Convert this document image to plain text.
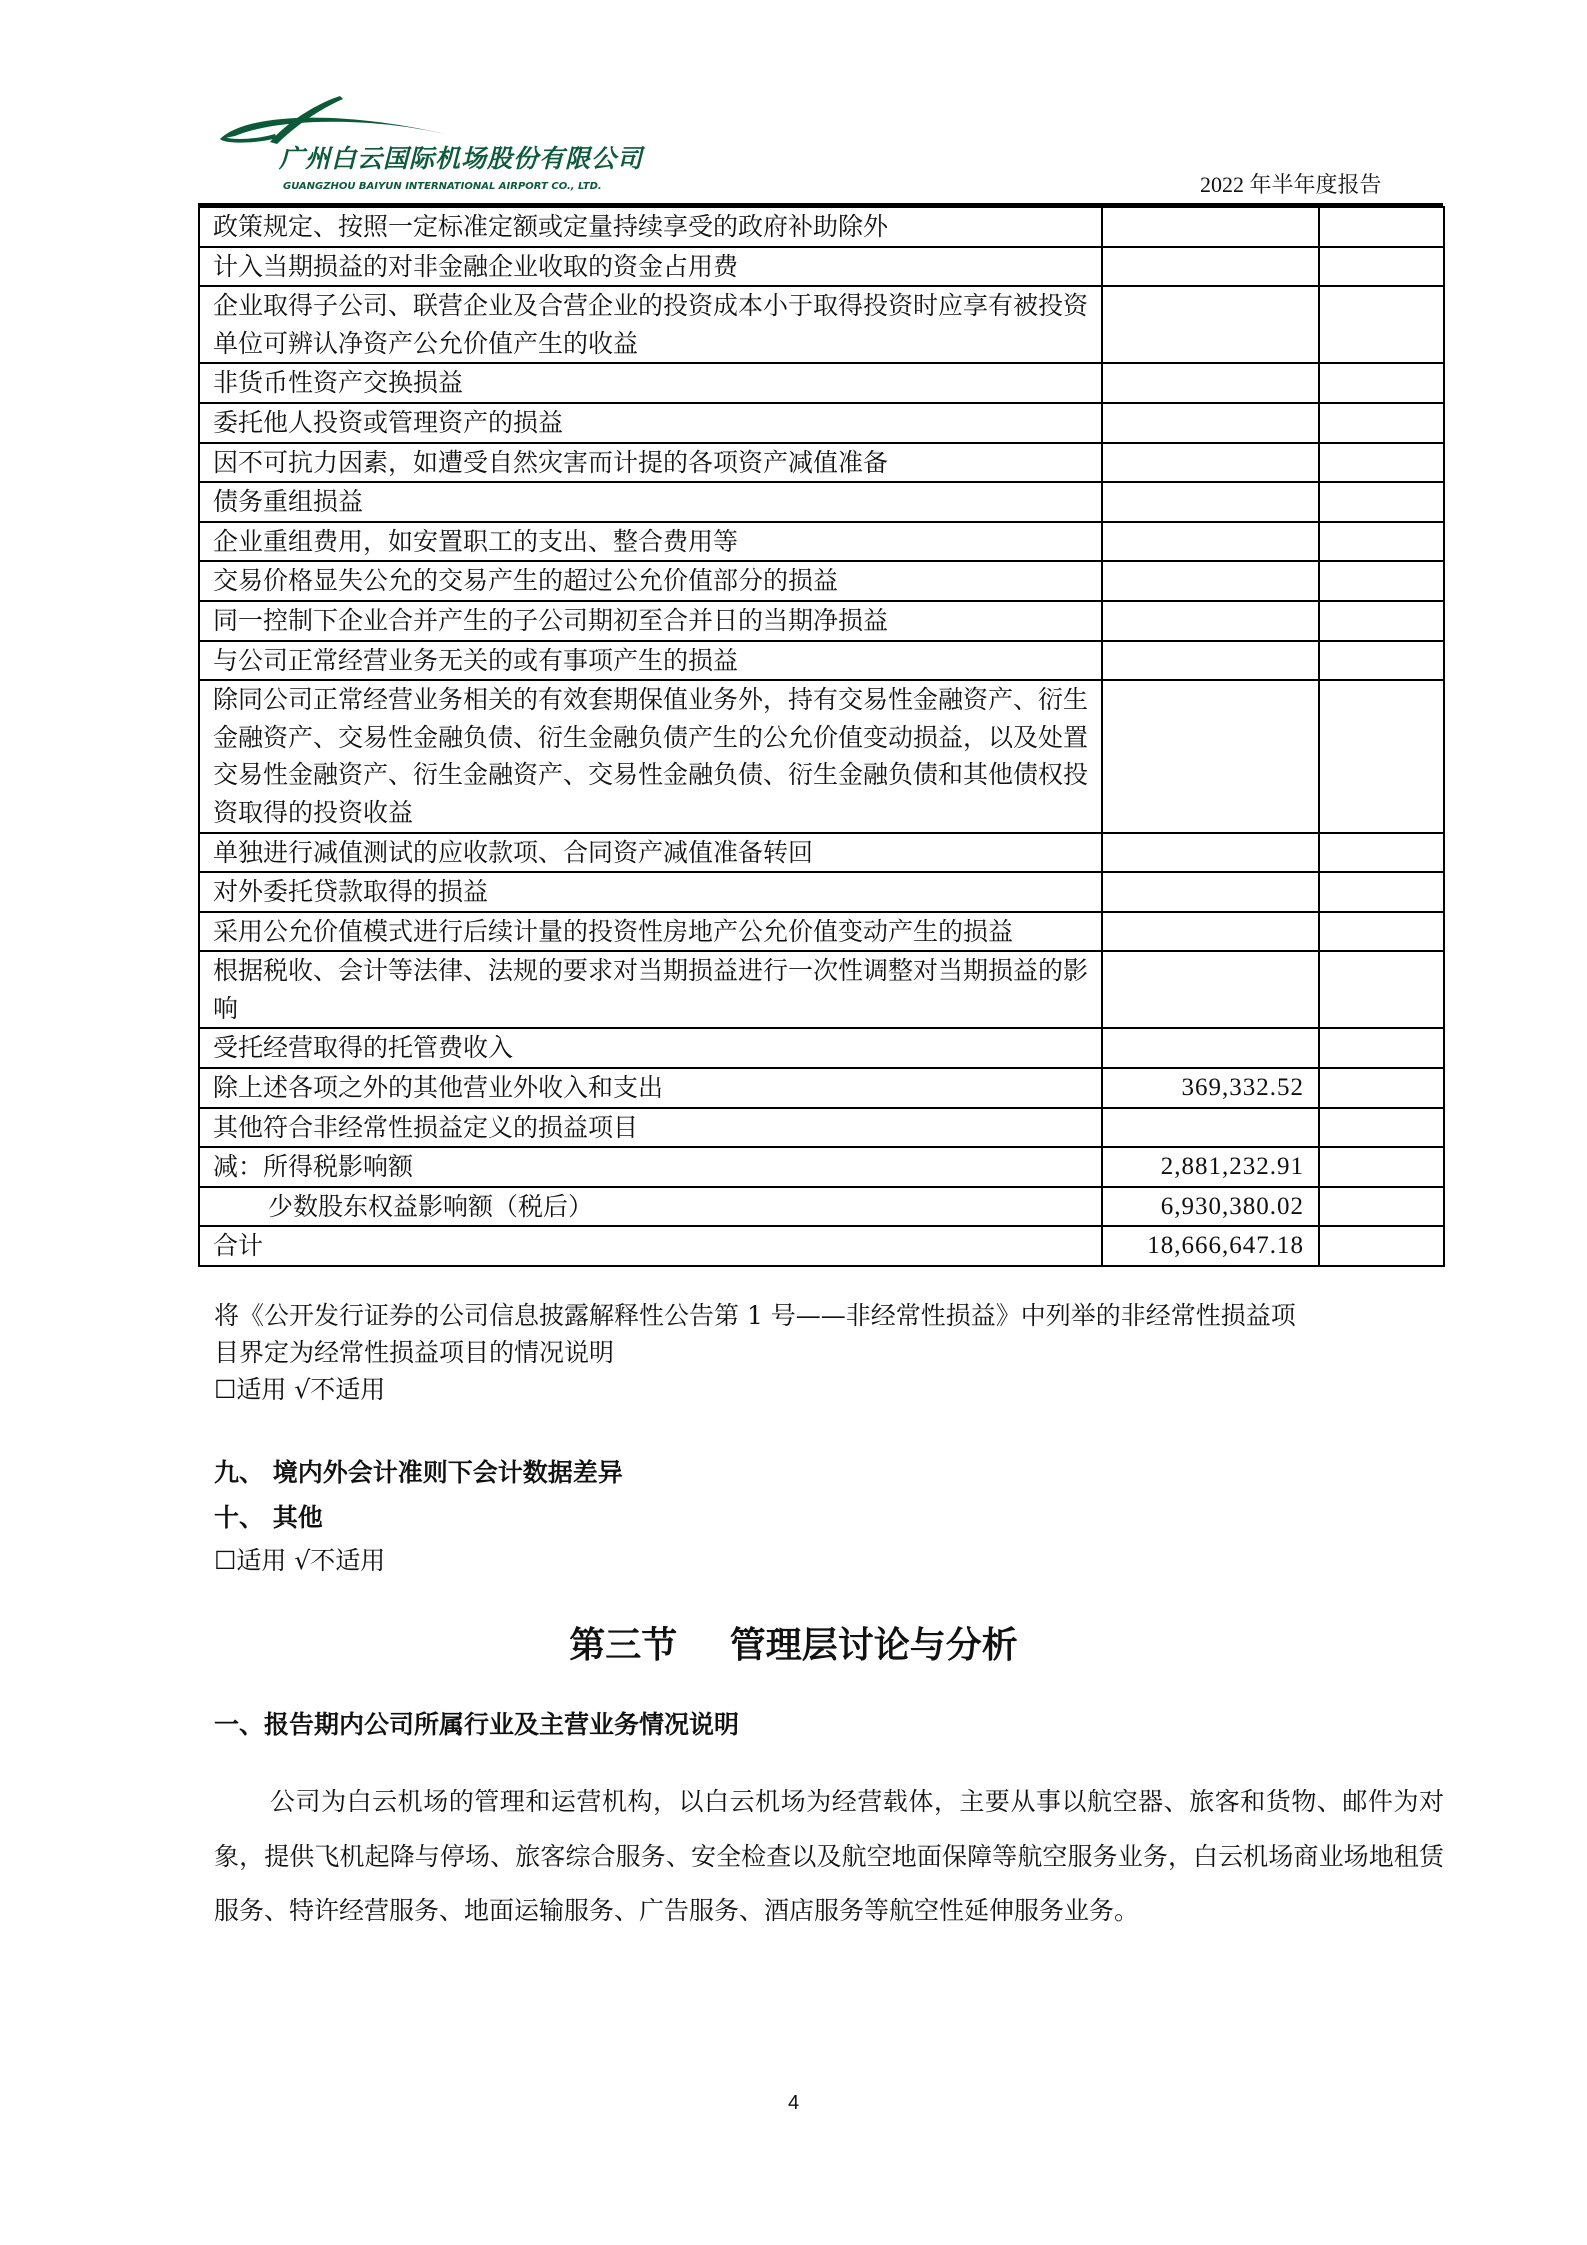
广州白云国际机场股份有限公司
GUANGZHOU BAIYUN INTERNATIONAL AIRPORT CO., LTD.	2022 年半年度报告
政策规定、按照一定标准定额或定量持续享受的政府补助除外		
计入当期损益的对非金融企业收取的资金占用费		
企业取得子公司、联营企业及合营企业的投资成本小于取得投资时应享有被投资单位可辨认净资产公允价值产生的收益		
非货币性资产交换损益		
委托他人投资或管理资产的损益		
因不可抗力因素，如遭受自然灾害而计提的各项资产减值准备		
债务重组损益		
企业重组费用，如安置职工的支出、整合费用等		
交易价格显失公允的交易产生的超过公允价值部分的损益		
同一控制下企业合并产生的子公司期初至合并日的当期净损益		
与公司正常经营业务无关的或有事项产生的损益		
除同公司正常经营业务相关的有效套期保值业务外，持有交易性金融资产、衍生金融资产、交易性金融负债、衍生金融负债产生的公允价值变动损益，以及处置交易性金融资产、衍生金融资产、交易性金融负债、衍生金融负债和其他债权投资取得的投资收益		
单独进行减值测试的应收款项、合同资产减值准备转回		
对外委托贷款取得的损益		
采用公允价值模式进行后续计量的投资性房地产公允价值变动产生的损益		
根据税收、会计等法律、法规的要求对当期损益进行一次性调整对当期损益的影响		
受托经营取得的托管费收入		
除上述各项之外的其他营业外收入和支出	369,332.52	
其他符合非经常性损益定义的损益项目		
减：所得税影响额	2,881,232.91	
少数股东权益影响额（税后）	6,930,380.02	
合计	18,666,647.18	
将《公开发行证券的公司信息披露解释性公告第 1 号——非经常性损益》中列举的非经常性损益项
目界定为经常性损益项目的情况说明
☐适用 √不适用
九、 境内外会计准则下会计数据差异
十、 其他
☐适用 √不适用
第三节 管理层讨论与分析
一、报告期内公司所属行业及主营业务情况说明
公司为白云机场的管理和运营机构，以白云机场为经营载体，主要从事以航空器、旅客和货物、邮件为对象，提供飞机起降与停场、旅客综合服务、安全检查以及航空地面保障等航空服务业务，白云机场商业场地租赁服务、特许经营服务、地面运输服务、广告服务、酒店服务等航空性延伸服务业务。
4
